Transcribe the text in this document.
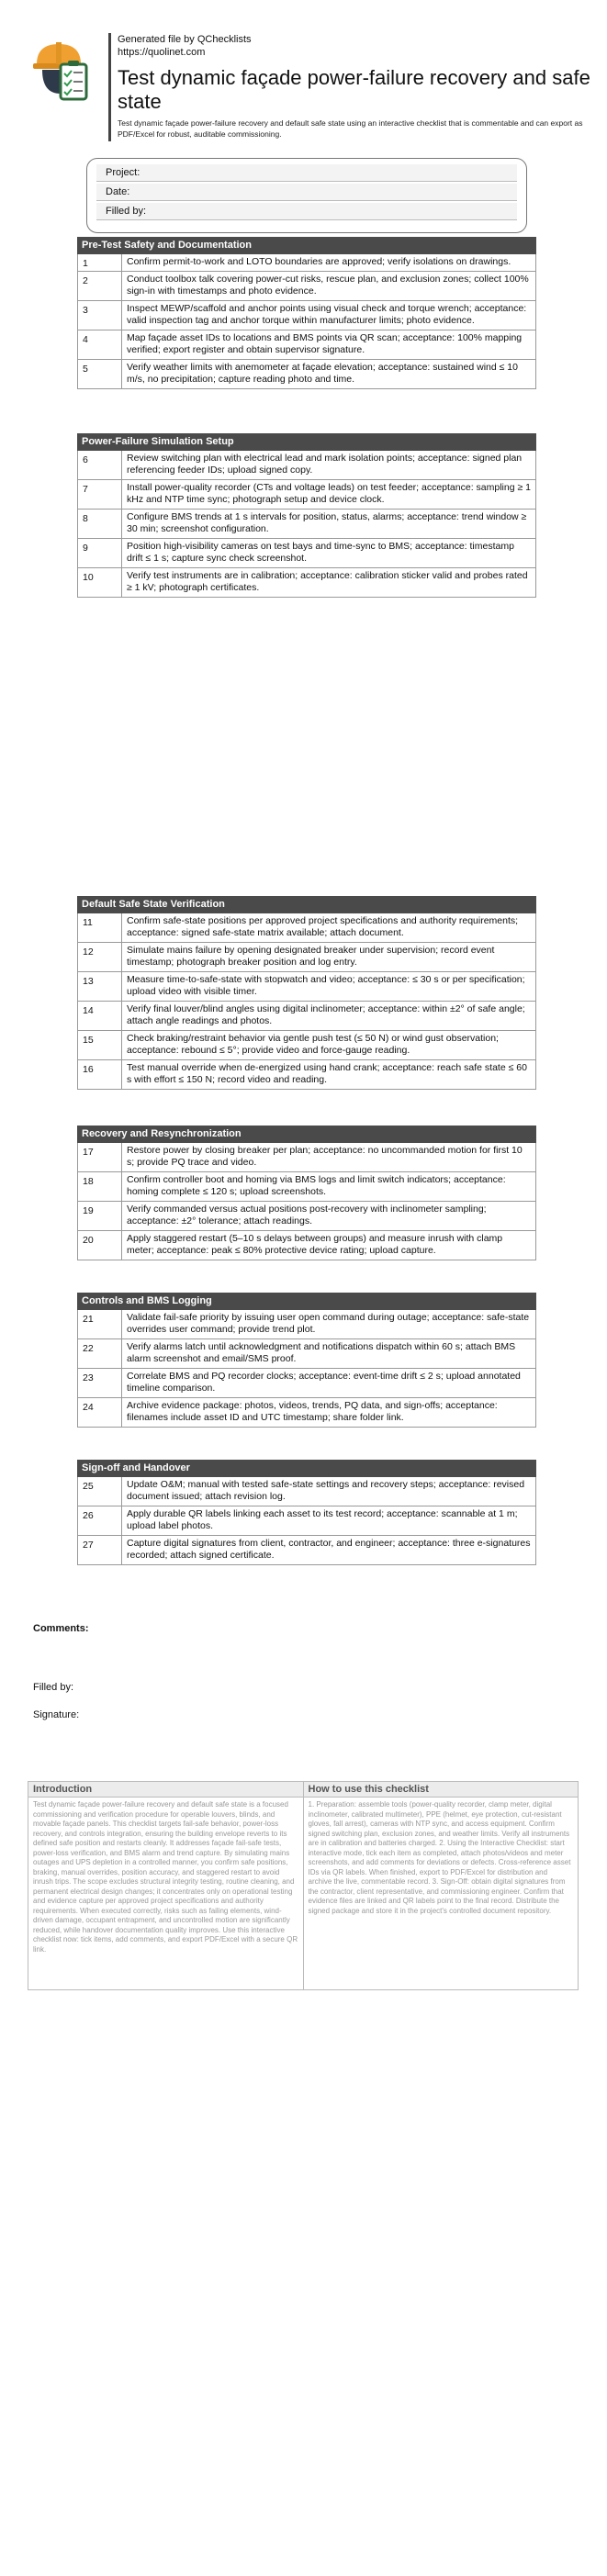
Generated file by QChecklists
https://quolinet.com
Test dynamic façade power-failure recovery and safe state
Test dynamic façade power-failure recovery and default safe state using an interactive checklist that is commentable and can export as PDF/Excel for robust, auditable commissioning.
Project:
Date:
Filled by:
Pre-Test Safety and Documentation
1	Confirm permit-to-work and LOTO boundaries are approved; verify isolations on drawings.
2	Conduct toolbox talk covering power-cut risks, rescue plan, and exclusion zones; collect 100% sign-in with timestamps and photo evidence.
3	Inspect MEWP/scaffold and anchor points using visual check and torque wrench; acceptance: valid inspection tag and anchor torque within manufacturer limits; photo evidence.
4	Map façade asset IDs to locations and BMS points via QR scan; acceptance: 100% mapping verified; export register and obtain supervisor signature.
5	Verify weather limits with anemometer at façade elevation; acceptance: sustained wind ≤ 10 m/s, no precipitation; capture reading photo and time.
Power-Failure Simulation Setup
6	Review switching plan with electrical lead and mark isolation points; acceptance: signed plan referencing feeder IDs; upload signed copy.
7	Install power-quality recorder (CTs and voltage leads) on test feeder; acceptance: sampling ≥ 1 kHz and NTP time sync; photograph setup and device clock.
8	Configure BMS trends at 1 s intervals for position, status, alarms; acceptance: trend window ≥ 30 min; screenshot configuration.
9	Position high-visibility cameras on test bays and time-sync to BMS; acceptance: timestamp drift ≤ 1 s; capture sync check screenshot.
10	Verify test instruments are in calibration; acceptance: calibration sticker valid and probes rated ≥ 1 kV; photograph certificates.
Default Safe State Verification
11	Confirm safe-state positions per approved project specifications and authority requirements; acceptance: signed safe-state matrix available; attach document.
12	Simulate mains failure by opening designated breaker under supervision; record event timestamp; photograph breaker position and log entry.
13	Measure time-to-safe-state with stopwatch and video; acceptance: ≤ 30 s or per specification; upload video with visible timer.
14	Verify final louver/blind angles using digital inclinometer; acceptance: within ±2° of safe angle; attach angle readings and photos.
15	Check braking/restraint behavior via gentle push test (≤ 50 N) or wind gust observation; acceptance: rebound ≤ 5°; provide video and force-gauge reading.
16	Test manual override when de-energized using hand crank; acceptance: reach safe state ≤ 60 s with effort ≤ 150 N; record video and reading.
Recovery and Resynchronization
17	Restore power by closing breaker per plan; acceptance: no uncommanded motion for first 10 s; provide PQ trace and video.
18	Confirm controller boot and homing via BMS logs and limit switch indicators; acceptance: homing complete ≤ 120 s; upload screenshots.
19	Verify commanded versus actual positions post-recovery with inclinometer sampling; acceptance: ±2° tolerance; attach readings.
20	Apply staggered restart (5–10 s delays between groups) and measure inrush with clamp meter; acceptance: peak ≤ 80% protective device rating; upload capture.
Controls and BMS Logging
21	Validate fail-safe priority by issuing user open command during outage; acceptance: safe-state overrides user command; provide trend plot.
22	Verify alarms latch until acknowledgment and notifications dispatch within 60 s; attach BMS alarm screenshot and email/SMS proof.
23	Correlate BMS and PQ recorder clocks; acceptance: event-time drift ≤ 2 s; upload annotated timeline comparison.
24	Archive evidence package: photos, videos, trends, PQ data, and sign-offs; acceptance: filenames include asset ID and UTC timestamp; share folder link.
Sign-off and Handover
25	Update O&M; manual with tested safe-state settings and recovery steps; acceptance: revised document issued; attach revision log.
26	Apply durable QR labels linking each asset to its test record; acceptance: scannable at 1 m; upload label photos.
27	Capture digital signatures from client, contractor, and engineer; acceptance: three e-signatures recorded; attach signed certificate.
Comments:
Filled by:
Signature:
Introduction
Test dynamic façade power-failure recovery and default safe state is a focused commissioning and verification procedure for operable louvers, blinds, and movable façade panels. This checklist targets fail-safe behavior, power-loss recovery, and controls integration, ensuring the building envelope reverts to its defined safe position and restarts cleanly. It addresses façade fail-safe tests, power-loss verification, and BMS alarm and trend capture. By simulating mains outages and UPS depletion in a controlled manner, you confirm safe positions, braking, manual overrides, position accuracy, and staggered restart to avoid inrush trips. The scope excludes structural integrity testing, routine cleaning, and permanent electrical design changes; it concentrates only on operational testing and evidence capture per approved project specifications and authority requirements. When executed correctly, risks such as failing elements, wind-driven damage, occupant entrapment, and uncontrolled motion are significantly reduced, while handover documentation quality improves. Use this interactive checklist now: tick items, add comments, and export PDF/Excel with a secure QR link.
How to use this checklist
1. Preparation: assemble tools (power-quality recorder, clamp meter, digital inclinometer, calibrated multimeter), PPE (helmet, eye protection, cut-resistant gloves, fall arrest), cameras with NTP sync, and access equipment. Confirm signed switching plan, exclusion zones, and weather limits. Verify all instruments are in calibration and batteries charged. 2. Using the Interactive Checklist: start interactive mode, tick each item as completed, attach photos/videos and meter screenshots, and add comments for deviations or defects. Cross-reference asset IDs via QR labels. When finished, export to PDF/Excel for distribution and archive the live, commentable record. 3. Sign-Off: obtain digital signatures from the contractor, client representative, and commissioning engineer. Confirm that evidence files are linked and QR labels point to the final record. Distribute the signed package and store it in the project's controlled document repository.
